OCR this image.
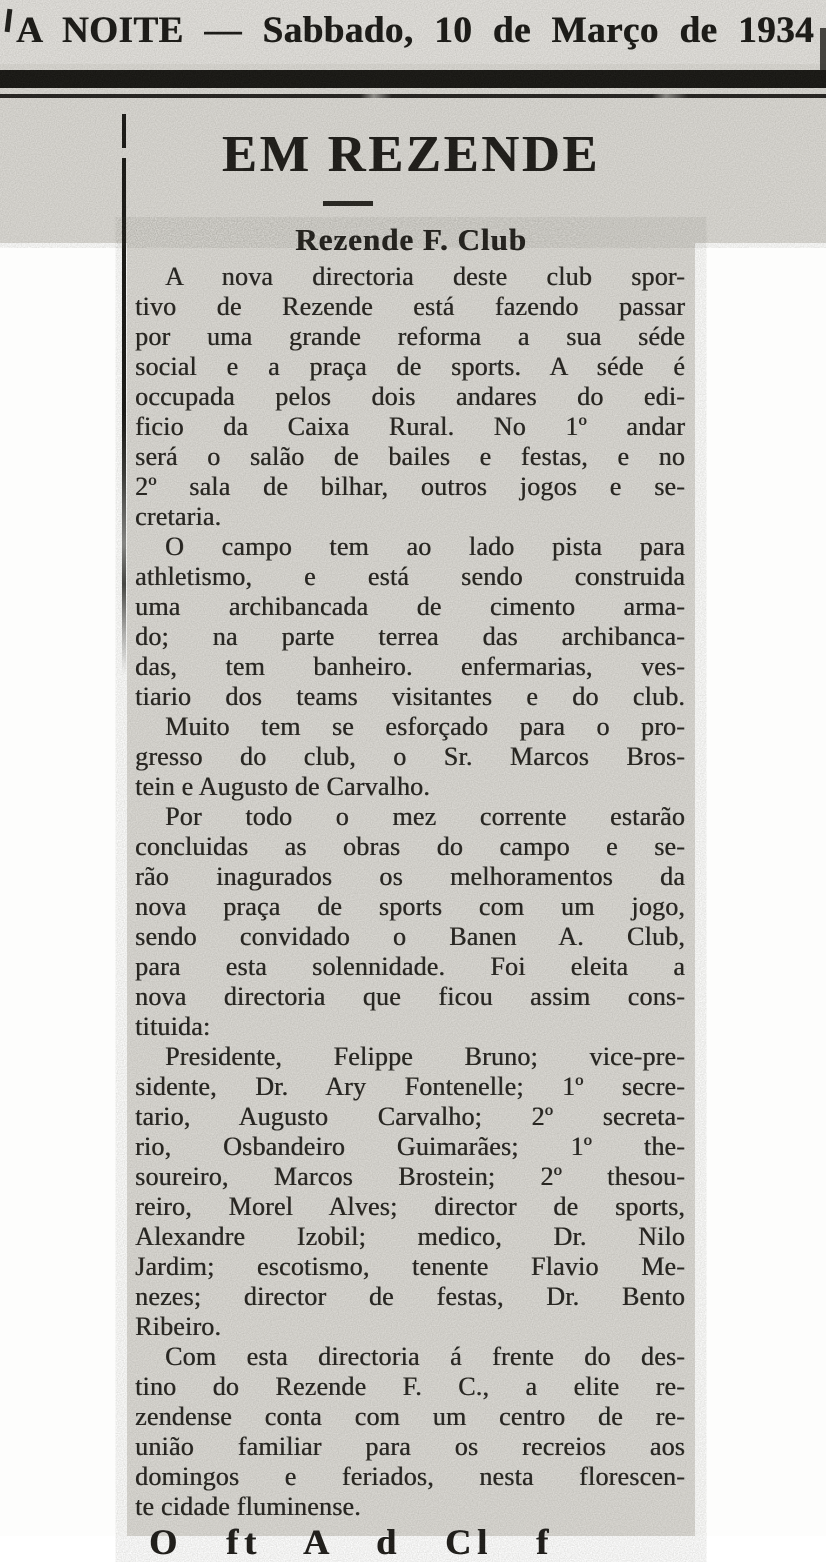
A NOITE — Sabbado, 10 de Março de 1934
EM REZENDE
Rezende F. Club
A nova directoria deste club spor-
tivo de Rezende está fazendo passar
por uma grande reforma a sua séde
social e a praça de sports. A séde é
occupada pelos dois andares do edi-
ficio da Caixa Rural. No 1º andar
será o salão de bailes e festas, e no
2º sala de bilhar, outros jogos e se-
cretaria.
O campo tem ao lado pista para
athletismo, e está sendo construida
uma archibancada de cimento arma-
do; na parte terrea das archibanca-
das, tem banheiro. enfermarias, ves-
tiario dos teams visitantes e do club.
Muito tem se esforçado para o pro-
gresso do club, o Sr. Marcos Bros-
tein e Augusto de Carvalho.
Por todo o mez corrente estarão
concluidas as obras do campo e se-
rão inagurados os melhoramentos da
nova praça de sports com um jogo,
sendo convidado o Banen A. Club,
para esta solennidade. Foi eleita a
nova directoria que ficou assim cons-
tituida:
Presidente, Felippe Bruno; vice-pre-
sidente, Dr. Ary Fontenelle; 1º secre-
tario, Augusto Carvalho; 2º secreta-
rio, Osbandeiro Guimarães; 1º the-
soureiro, Marcos Brostein; 2º thesou-
reiro, Morel Alves; director de sports,
Alexandre Izobil; medico, Dr. Nilo
Jardim; escotismo, tenente Flavio Me-
nezes; director de festas, Dr. Bento
Ribeiro.
Com esta directoria á frente do des-
tino do Rezende F. C., a elite re-
zendense conta com um centro de re-
união familiar para os recreios aos
domingos e feriados, nesta florescen-
te cidade fluminense.
O ft A d Cl f
